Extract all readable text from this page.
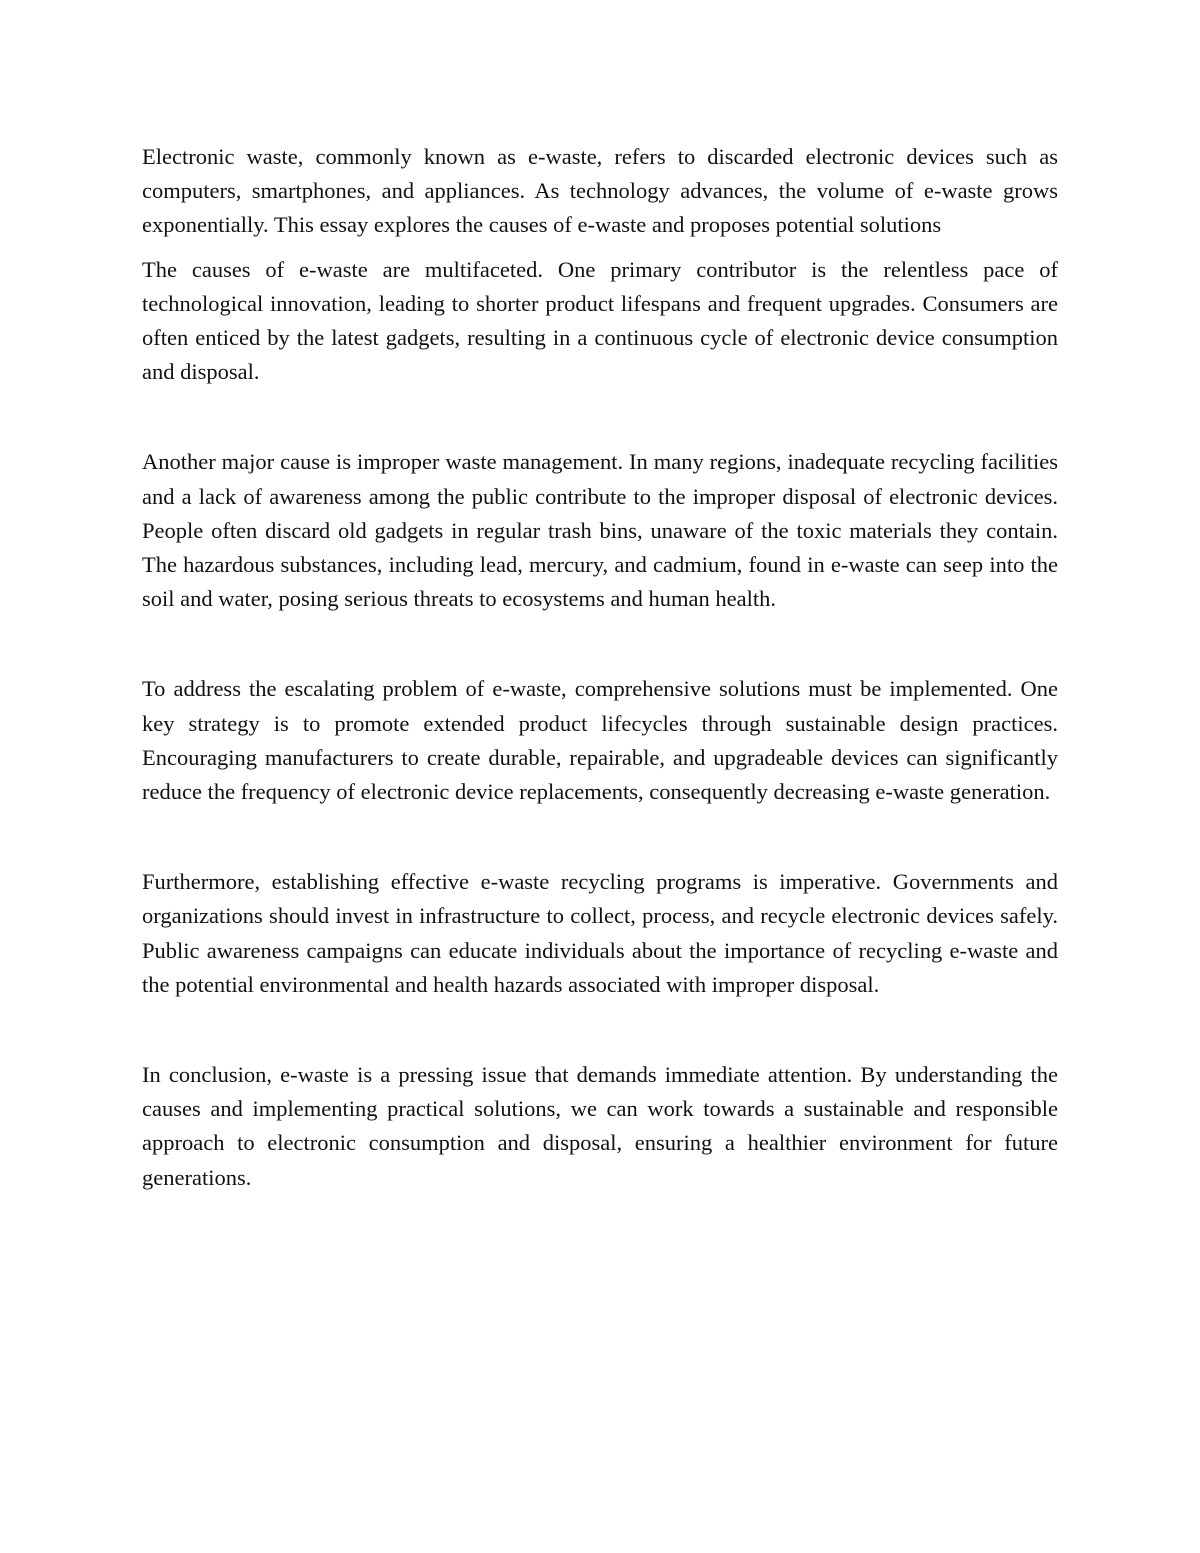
Electronic waste, commonly known as e-waste, refers to discarded electronic devices such as computers, smartphones, and appliances. As technology advances, the volume of e-waste grows exponentially. This essay explores the causes of e-waste and proposes potential solutions

The causes of e-waste are multifaceted. One primary contributor is the relentless pace of technological innovation, leading to shorter product lifespans and frequent upgrades. Consumers are often enticed by the latest gadgets, resulting in a continuous cycle of electronic device consumption and disposal.

Another major cause is improper waste management. In many regions, inadequate recycling facilities and a lack of awareness among the public contribute to the improper disposal of electronic devices. People often discard old gadgets in regular trash bins, unaware of the toxic materials they contain. The hazardous substances, including lead, mercury, and cadmium, found in e-waste can seep into the soil and water, posing serious threats to ecosystems and human health.

To address the escalating problem of e-waste, comprehensive solutions must be implemented. One key strategy is to promote extended product lifecycles through sustainable design practices. Encouraging manufacturers to create durable, repairable, and upgradeable devices can significantly reduce the frequency of electronic device replacements, consequently decreasing e-waste generation.

Furthermore, establishing effective e-waste recycling programs is imperative. Governments and organizations should invest in infrastructure to collect, process, and recycle electronic devices safely. Public awareness campaigns can educate individuals about the importance of recycling e-waste and the potential environmental and health hazards associated with improper disposal.

In conclusion, e-waste is a pressing issue that demands immediate attention. By understanding the causes and implementing practical solutions, we can work towards a sustainable and responsible approach to electronic consumption and disposal, ensuring a healthier environment for future generations.
